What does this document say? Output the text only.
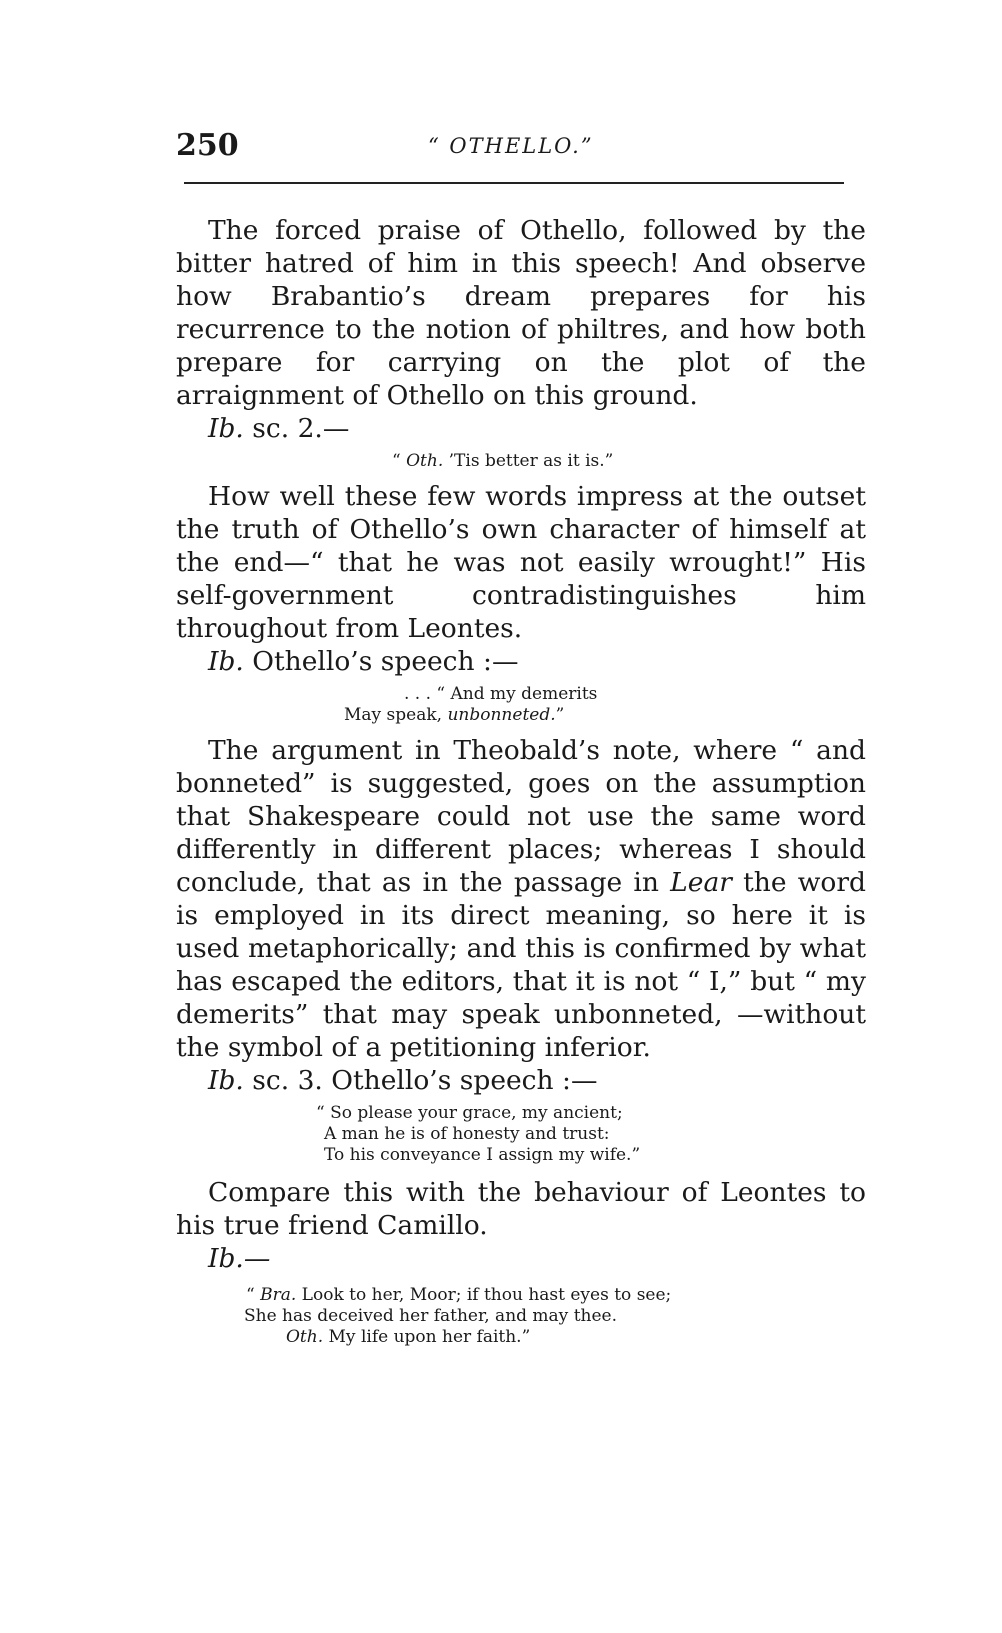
250	“ OTHELLO.”

The forced praise of Othello, followed by the bitter hatred of him in this speech! And observe how Brabantio’s dream prepares for his recurrence to the notion of philtres, and how both prepare for carrying on the plot of the arraignment of Othello on this ground.

Ib. sc. 2.—

“ Oth. ’Tis better as it is.”

How well these few words impress at the outset the truth of Othello’s own character of himself at the end—“ that he was not easily wrought!” His self-government contradistinguishes him throughout from Leontes.

Ib. Othello’s speech :—

. . . “ And my demerits
May speak, unbonneted.”

The argument in Theobald’s note, where “ and bonneted” is suggested, goes on the assumption that Shakespeare could not use the same word differently in different places; whereas I should conclude, that as in the passage in Lear the word is employed in its direct meaning, so here it is used metaphorically; and this is confirmed by what has escaped the editors, that it is not “ I,” but “ my demerits” that may speak unbonneted, —without the symbol of a petitioning inferior.

Ib. sc. 3. Othello’s speech :—

“ So please your grace, my ancient;
A man he is of honesty and trust:
To his conveyance I assign my wife.”

Compare this with the behaviour of Leontes to his true friend Camillo.

Ib.—

“ Bra. Look to her, Moor; if thou hast eyes to see;
She has deceived her father, and may thee.
Oth. My life upon her faith.”
